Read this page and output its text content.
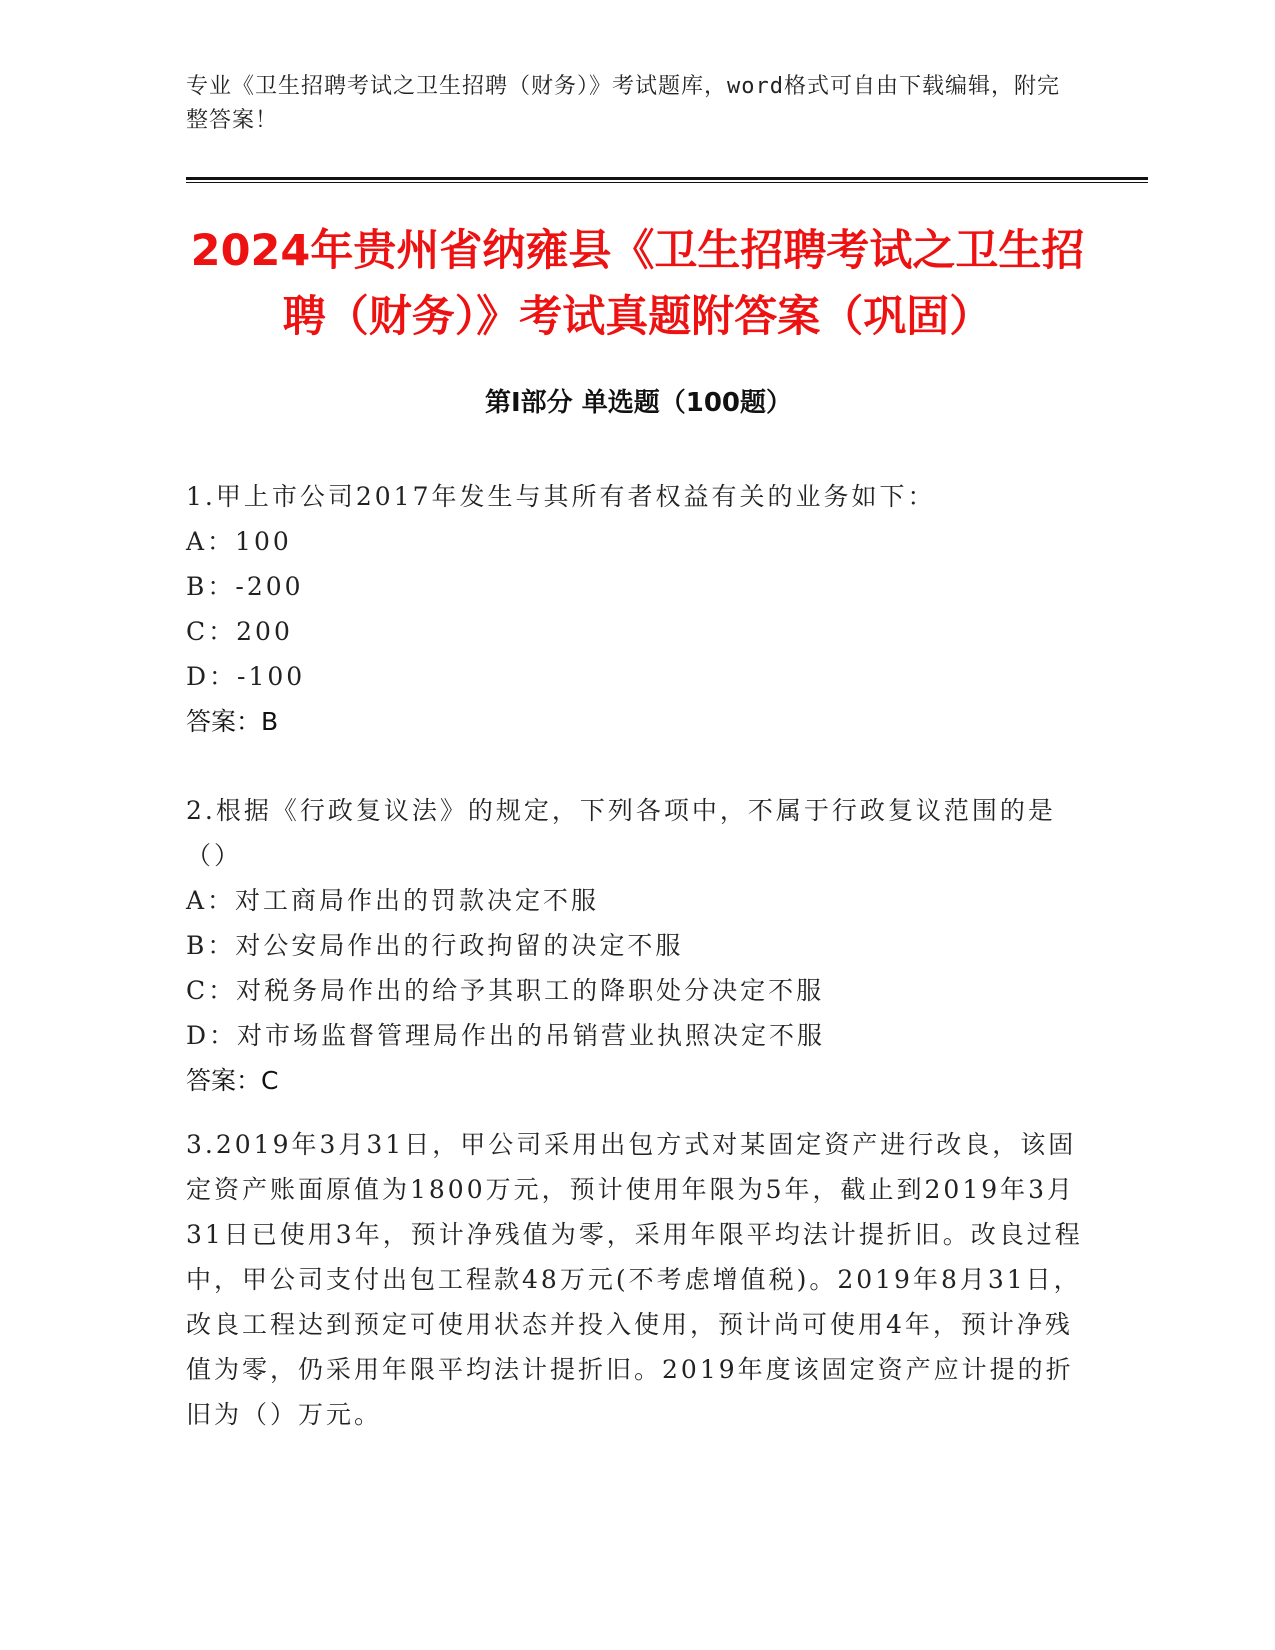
专业《卫生招聘考试之卫生招聘（财务）》考试题库，word格式可自由下载编辑，附完整答案！
2024年贵州省纳雍县《卫生招聘考试之卫生招聘（财务）》考试真题附答案（巩固）
第Ⅰ部分 单选题（100题）
1.甲上市公司2017年发生与其所有者权益有关的业务如下：
A：100
B：-200
C：200
D：-100
答案：B
2.根据《行政复议法》的规定，下列各项中，不属于行政复议范围的是（）
A：对工商局作出的罚款决定不服
B：对公安局作出的行政拘留的决定不服
C：对税务局作出的给予其职工的降职处分决定不服
D：对市场监督管理局作出的吊销营业执照决定不服
答案：C
3.2019年3月31日，甲公司采用出包方式对某固定资产进行改良，该固定资产账面原值为1800万元，预计使用年限为5年，截止到2019年3月31日已使用3年，预计净残值为零，采用年限平均法计提折旧。改良过程中，甲公司支付出包工程款48万元(不考虑增值税)。2019年8月31日，改良工程达到预定可使用状态并投入使用，预计尚可使用4年，预计净残值为零，仍采用年限平均法计提折旧。2019年度该固定资产应计提的折旧为（）万元。
